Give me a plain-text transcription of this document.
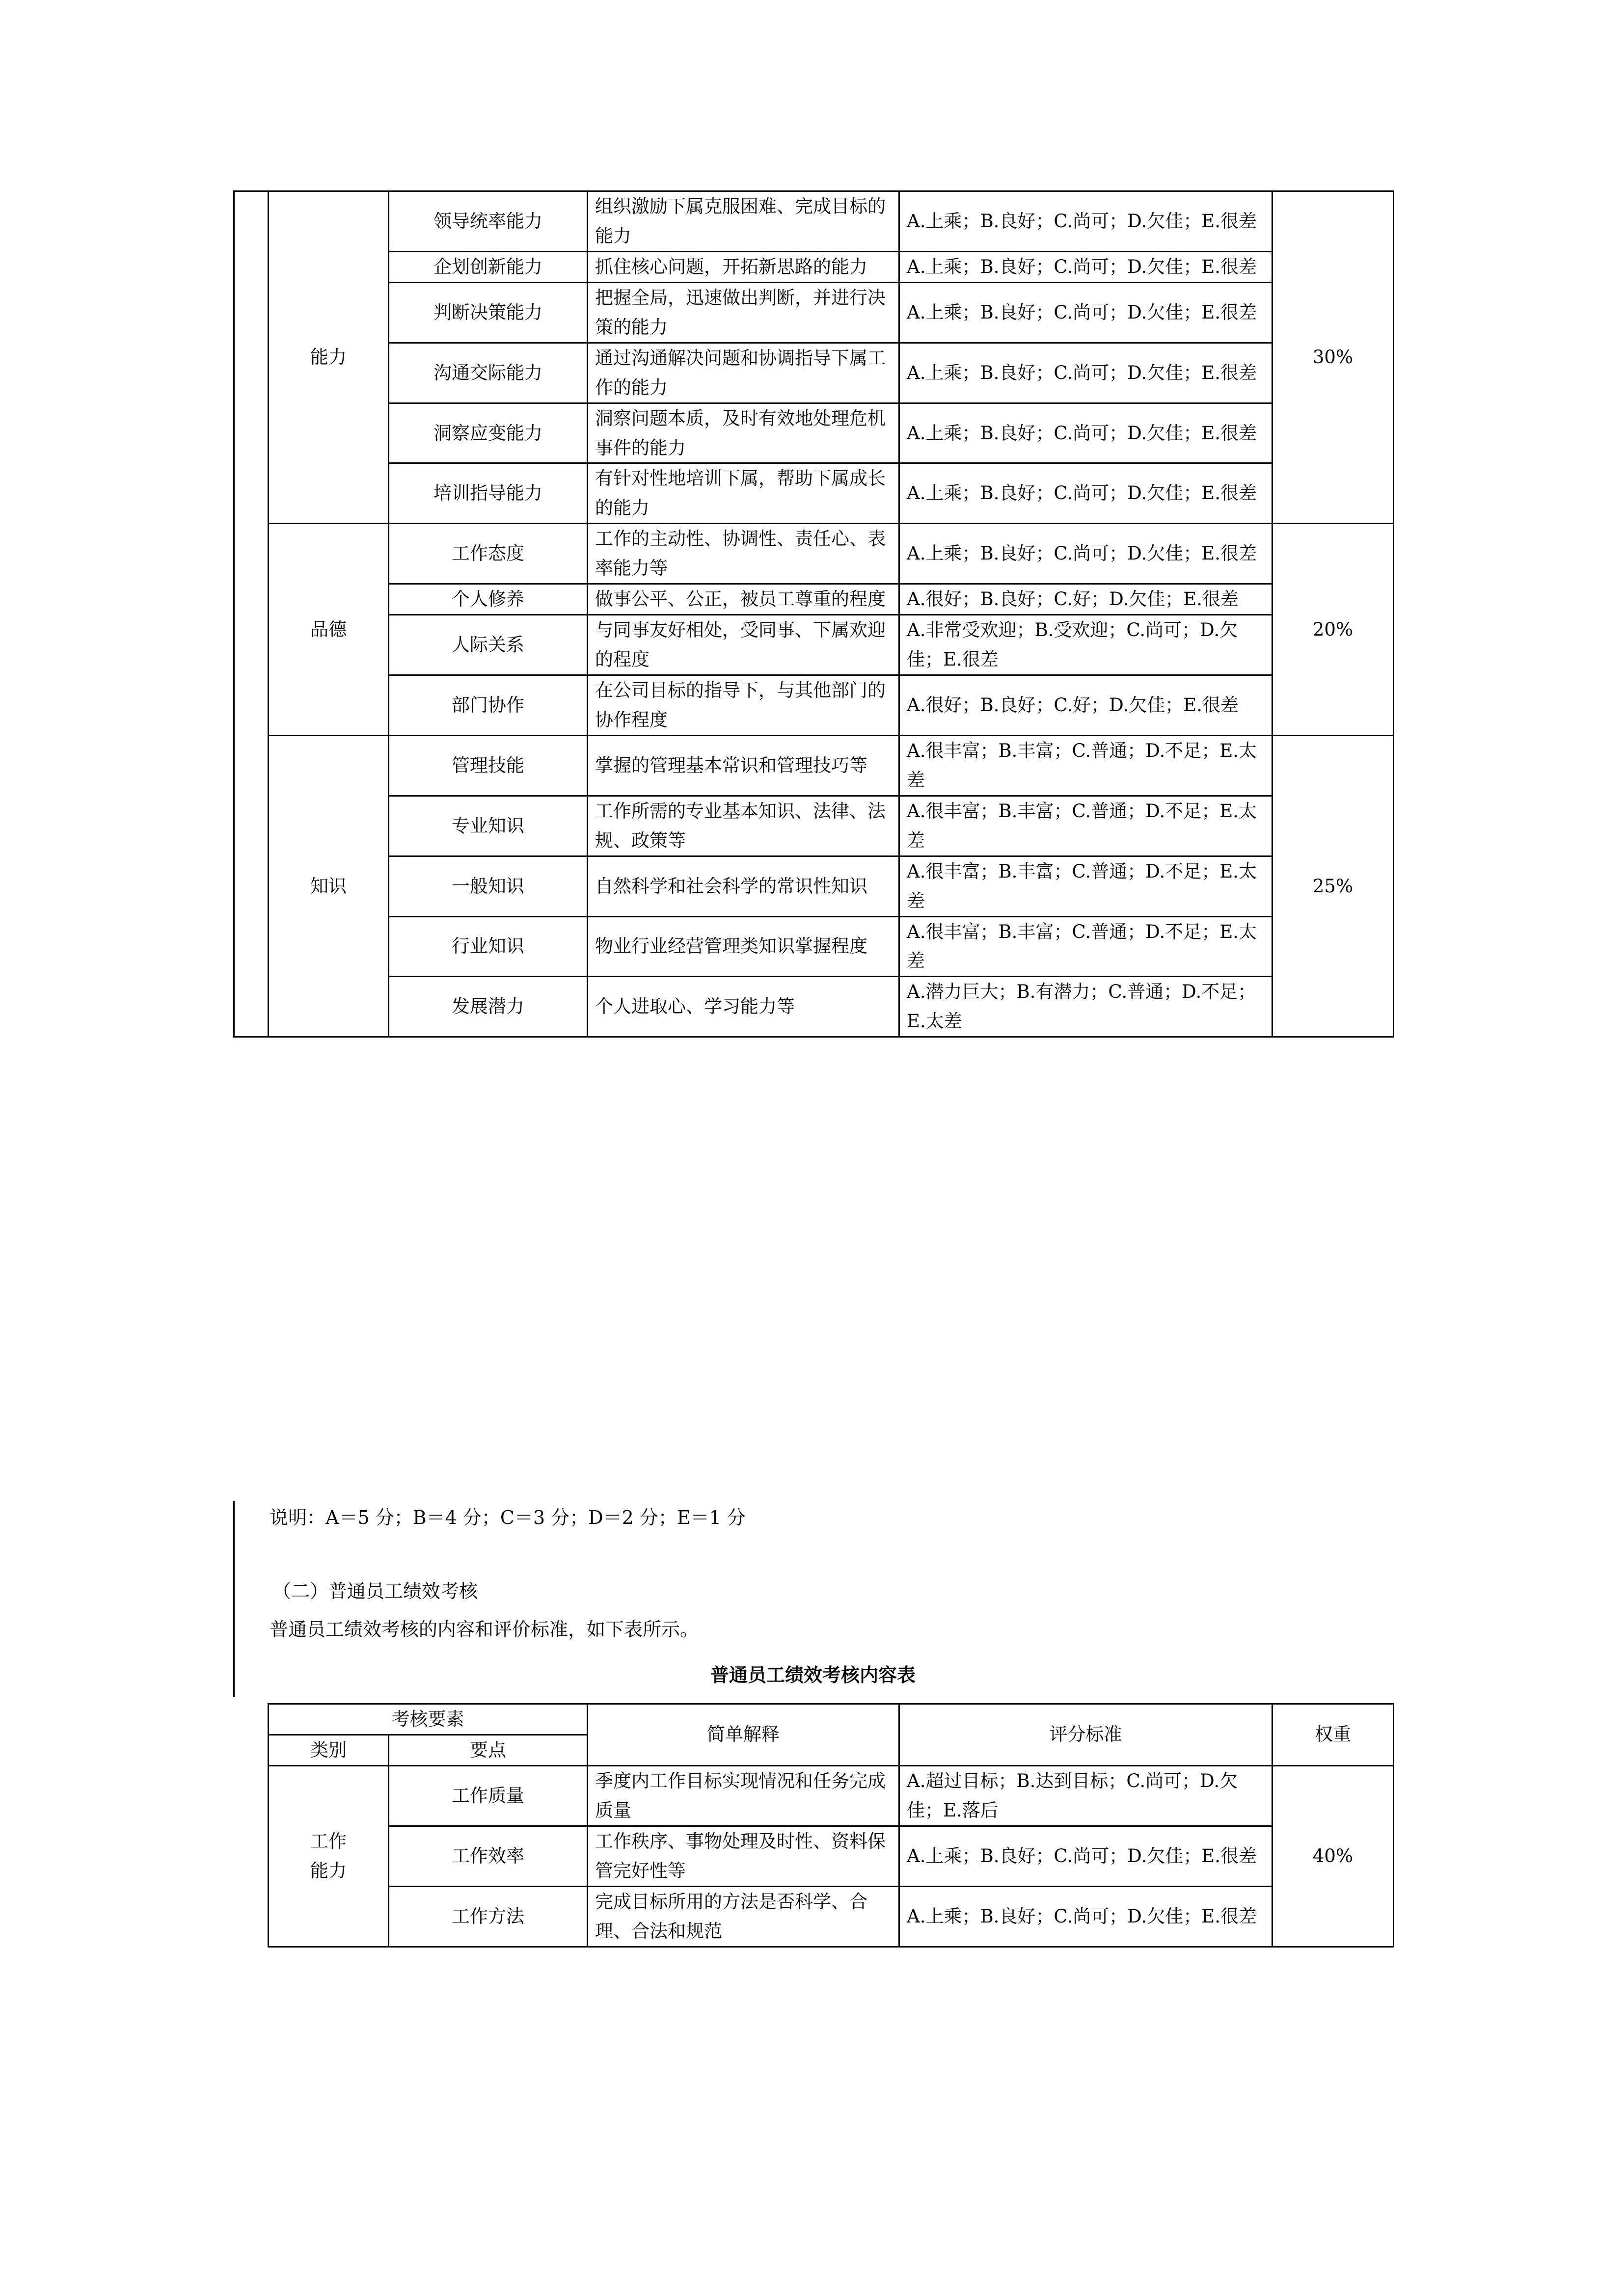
	能力	领导统率能力	组织激励下属克服困难、完成目标的能力	A.上乘；B.良好；C.尚可；D.欠佳；E.很差	30%
		企划创新能力	抓住核心问题，开拓新思路的能力	A.上乘；B.良好；C.尚可；D.欠佳；E.很差	
		判断决策能力	把握全局，迅速做出判断，并进行决策的能力	A.上乘；B.良好；C.尚可；D.欠佳；E.很差	
		沟通交际能力	通过沟通解决问题和协调指导下属工作的能力	A.上乘；B.良好；C.尚可；D.欠佳；E.很差	
		洞察应变能力	洞察问题本质，及时有效地处理危机事件的能力	A.上乘；B.良好；C.尚可；D.欠佳；E.很差	
		培训指导能力	有针对性地培训下属，帮助下属成长的能力	A.上乘；B.良好；C.尚可；D.欠佳；E.很差	
	品德	工作态度	工作的主动性、协调性、责任心、表率能力等	A.上乘；B.良好；C.尚可；D.欠佳；E.很差	20%
		个人修养	做事公平、公正，被员工尊重的程度	A.很好；B.良好；C.好；D.欠佳；E.很差	
		人际关系	与同事友好相处，受同事、下属欢迎的程度	A.非常受欢迎；B.受欢迎；C.尚可；D.欠佳；E.很差	
		部门协作	在公司目标的指导下，与其他部门的协作程度	A.很好；B.良好；C.好；D.欠佳；E.很差	
	知识	管理技能	掌握的管理基本常识和管理技巧等	A.很丰富；B.丰富；C.普通；D.不足；E.太差	25%
		专业知识	工作所需的专业基本知识、法律、法规、政策等	A.很丰富；B.丰富；C.普通；D.不足；E.太差	
		一般知识	自然科学和社会科学的常识性知识	A.很丰富；B.丰富；C.普通；D.不足；E.太差	
		行业知识	物业行业经营管理类知识掌握程度	A.很丰富；B.丰富；C.普通；D.不足；E.太差	
		发展潜力	个人进取心、学习能力等	A.潜力巨大；B.有潜力；C.普通；D.不足；E.太差	
说明：A＝5 分；B＝4 分；C＝3 分；D＝2 分；E＝1 分
（二）普通员工绩效考核
普通员工绩效考核的内容和评价标准，如下表所示。
普通员工绩效考核内容表
考核要素		简单解释	评分标准	权重
类别	要点			

工作
能力	工作质量	季度内工作目标实现情况和任务完成质量	A.超过目标；B.达到目标；C.尚可；D.欠佳；E.落后	40%
	工作效率	工作秩序、事物处理及时性、资料保管完好性等	A.上乘；B.良好；C.尚可；D.欠佳；E.很差	
	工作方法	完成目标所用的方法是否科学、合理、合法和规范	A.上乘；B.良好；C.尚可；D.欠佳；E.很差	
